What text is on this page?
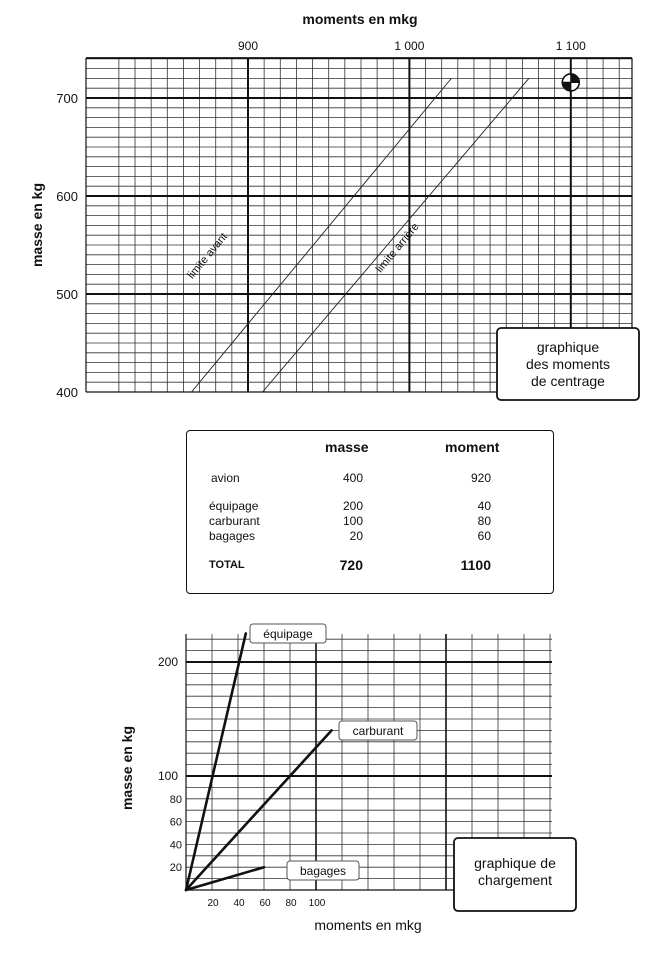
moments en mkg
masse en kg
900	1 000	1 100
700
600
500
400
limite avant	limite arrière
graphique
des moments
de centrage
masse	moment
avion	400	920
équipage	200	40
carburant	100	80
bagages	20	60
TOTAL	720	1100
20 40 60 80 100
200
100
80
60
40
20
masse en kg
moments en mkg
équipage
carburant
bagages	graphique de
chargement
